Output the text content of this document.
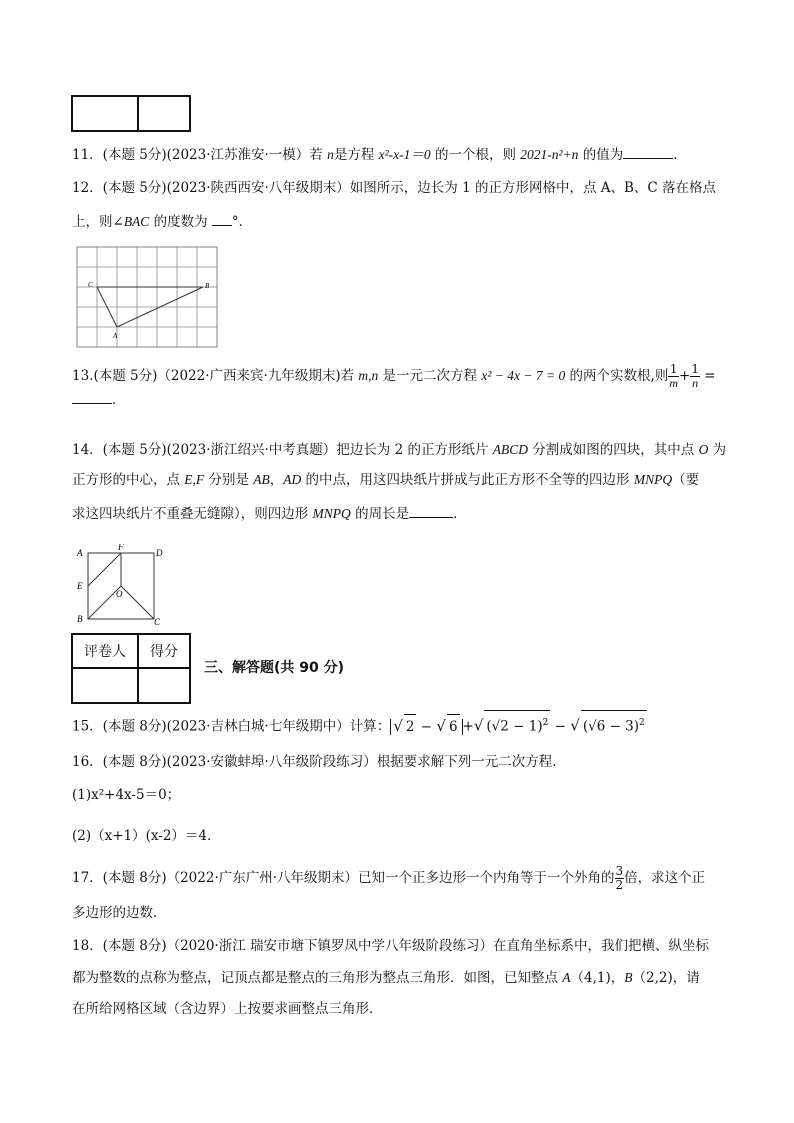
11．(本题 5分)(2023·江苏淮安·一模）若 n是方程 x²-x-1＝0 的一个根，则 2021-n²+n 的值为	．
12．(本题 5分)(2023·陕西西安·八年级期末）如图所示，边长为 1 的正方形网格中，点 A、B、C 落在格点
上，则∠BAC 的度数为 °．
C	B
A
13.(本题 5分)（2022·广西来宾·九年级期末)若 m,n 是一元二次方程 x² − 4x − 7 = 0 的两个实数根,则 $\frac{1}{m} + \frac{1}{n}$ =
．
14．(本题 5分)(2023·浙江绍兴·中考真题）把边长为 2 的正方形纸片 ABCD 分割成如图的四块，其中点 O 为
正方形的中心，点 E,F 分别是 AB，AD 的中点，用这四块纸片拼成与此正方形不全等的四边形 MNPQ（要
求这四块纸片不重叠无缝隙），则四边形 MNPQ 的周长是	．
A
F
D
E
O
B	C
评卷人	得分

三、解答题(共 90 分)
15．(本题 8分)(2023·吉林白城·七年级期中）计算： √ 2 − √ 6 +√ $(√2 - 1)^2$ − √ $(√6 - 3)^2$
16．(本题 8分)(2023·安徽蚌埠·八年级阶段练习）根据要求解下列一元二次方程．
(1)x²+4x-5＝0；
(2)（x+1）(x-2）＝4．
17．(本题 8分)（2022·广东广州·八年级期末）已知一个正多边形一个内角等于一个外角的 $\frac{3}{2}$ 倍，求这个正
多边形的边数．
18．(本题 8分)（2020·浙江 瑞安市塘下镇罗凤中学八年级阶段练习）在直角坐标系中，我们把横、纵坐标
都为整数的点称为整点，记顶点都是整点的三角形为整点三角形．如图，已知整点 A（4,1)，B（2,2)，请
在所给网格区域（含边界）上按要求画整点三角形．
